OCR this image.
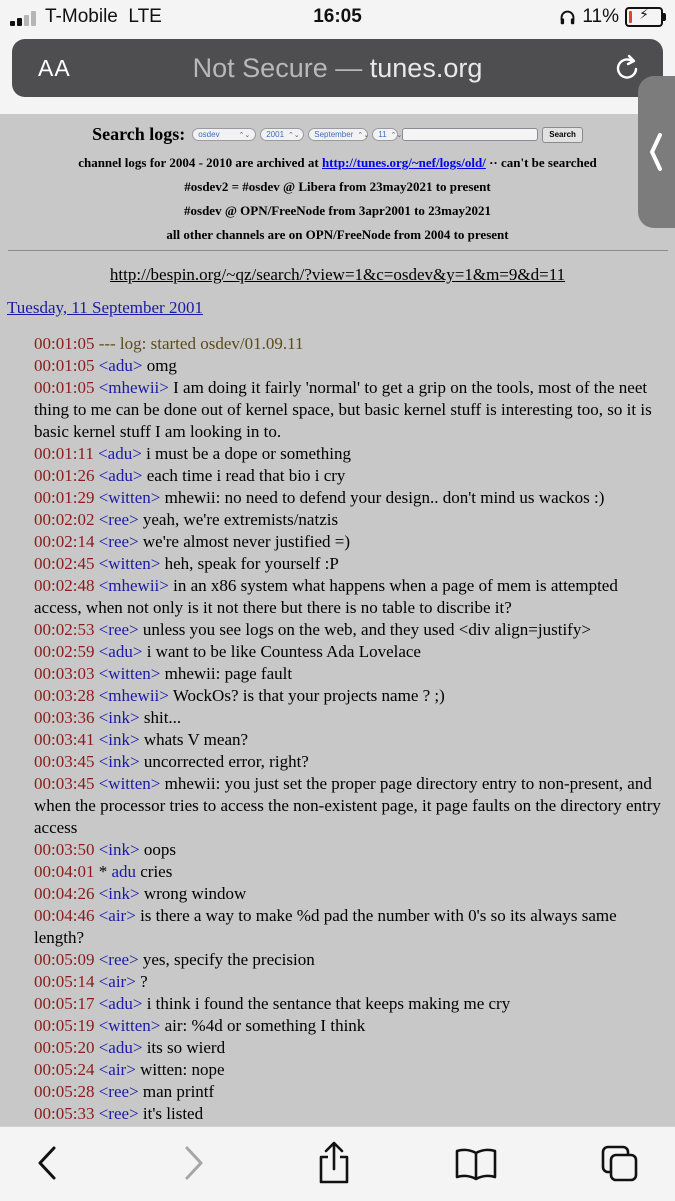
T-Mobile LTE	16:05	11%	⚡
AA	Not Secure — tunes.org
Search logs: osdev	⌃⌄ 2001 ⌃⌄ September ⌃⌄ 11 ⌃⌄	Search
channel logs for 2004 - 2010 are archived at http://tunes.org/~nef/logs/old/ ·· can't be searched
#osdev2 = #osdev @ Libera from 23may2021 to present
#osdev @ OPN/FreeNode from 3apr2001 to 23may2021
all other channels are on OPN/FreeNode from 2004 to present
http://bespin.org/~qz/search/?view=1&c=osdev&y=1&m=9&d=11
Tuesday, 11 September 2001

00:01:05 --- log: started osdev/01.09.11

00:01:05 <adu> omg

00:01:05 <mhewii> I am doing it fairly 'normal' to get a grip on the tools, most of the neet thing to me can be done out of kernel space, but basic kernel stuff is interesting too, so it is basic kernel stuff I am looking in to.

00:01:11 <adu> i must be a dope or something

00:01:26 <adu> each time i read that bio i cry

00:01:29 <witten> mhewii: no need to defend your design.. don't mind us wackos :)

00:02:02 <ree> yeah, we're extremists/natzis

00:02:14 <ree> we're almost never justified =)

00:02:45 <witten> heh, speak for yourself :P

00:02:48 <mhewii> in an x86 system what happens when a page of mem is attempted access, when not only is it not there but there is no table to discribe it?

00:02:53 <ree> unless you see logs on the web, and they used <div align=justify>

00:02:59 <adu> i want to be like Countess Ada Lovelace

00:03:03 <witten> mhewii: page fault

00:03:28 <mhewii> WockOs? is that your projects name ? ;)

00:03:36 <ink> shit...

00:03:41 <ink> whats V mean?

00:03:45 <ink> uncorrected error, right?

00:03:45 <witten> mhewii: you just set the proper page directory entry to non-present, and when the processor tries to access the non-existent page, it page faults on the directory entry access

00:03:50 <ink> oops

00:04:01 * adu cries

00:04:26 <ink> wrong window

00:04:46 <air> is there a way to make %d pad the number with 0's so its always same length?

00:05:09 <ree> yes, specify the precision

00:05:14 <air> ?

00:05:17 <adu> i think i found the sentance that keeps making me cry

00:05:19 <witten> air: %4d or something I think

00:05:20 <adu> its so wierd

00:05:24 <air> witten: nope

00:05:28 <ree> man printf

00:05:33 <ree> it's listed
